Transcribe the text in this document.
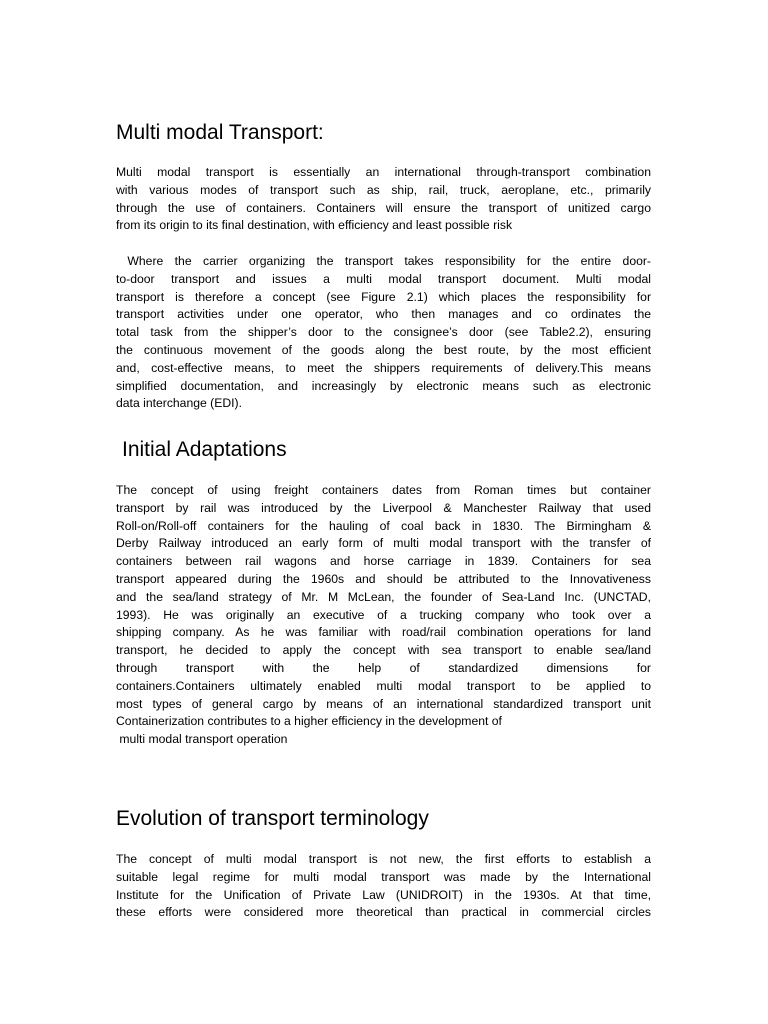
Multi modal Transport:
Multi modal transport is essentially an international through-transport combination
with various modes of transport such as ship, rail, truck, aeroplane, etc., primarily
through the use of containers. Containers will ensure the transport of unitized cargo
from its origin to its final destination, with efficiency and least possible risk
Where the carrier organizing the transport takes responsibility for the entire door-
to-door transport and issues a multi modal transport document. Multi modal
transport is therefore a concept (see Figure 2.1) which places the responsibility for
transport activities under one operator, who then manages and co ordinates the
total task from the shipper’s door to the consignee’s door (see Table2.2), ensuring
the continuous movement of the goods along the best route, by the most efficient
and, cost-effective means, to meet the shippers requirements of delivery.This means
simplified documentation, and increasingly by electronic means such as electronic
data interchange (EDI).
Initial Adaptations
The concept of using freight containers dates from Roman times but container
transport by rail was introduced by the Liverpool & Manchester Railway that used
Roll-on/Roll-off containers for the hauling of coal back in 1830. The Birmingham &
Derby Railway introduced an early form of multi modal transport with the transfer of
containers between rail wagons and horse carriage in 1839. Containers for sea
transport appeared during the 1960s and should be attributed to the Innovativeness
and the sea/land strategy of Mr. M McLean, the founder of Sea-Land Inc. (UNCTAD,
1993). He was originally an executive of a trucking company who took over a
shipping company. As he was familiar with road/rail combination operations for land
transport, he decided to apply the concept with sea transport to enable sea/land
through transport with the help of standardized dimensions for
containers.Containers ultimately enabled multi modal transport to be applied to
most types of general cargo by means of an international standardized transport unit
Containerization contributes to a higher efficiency in the development of
multi modal transport operation
Evolution of transport terminology
The concept of multi modal transport is not new, the first efforts to establish a
suitable legal regime for multi modal transport was made by the International
Institute for the Unification of Private Law (UNIDROIT) in the 1930s. At that time,
these efforts were considered more theoretical than practical in commercial circles
